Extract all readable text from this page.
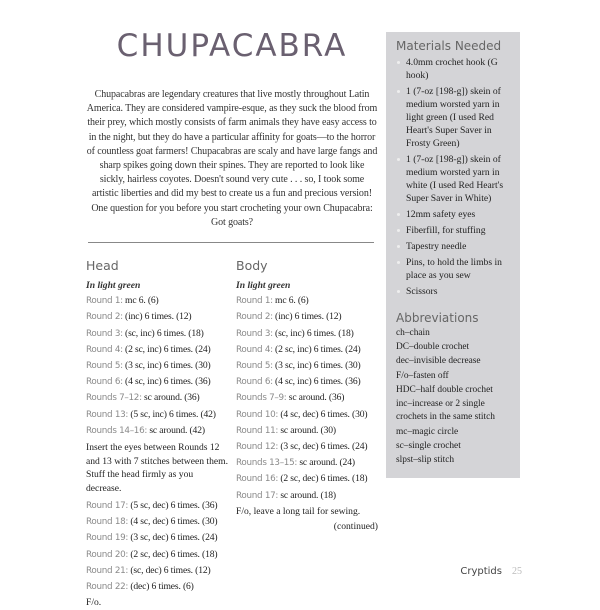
CHUPACABRA
Chupacabras are legendary creatures that live mostly throughout Latin America. They are considered vampire-esque, as they suck the blood from their prey, which mostly consists of farm animals they have easy access to in the night, but they do have a particular affinity for goats—to the horror of countless goat farmers! Chupacabras are scaly and have large fangs and sharp spikes going down their spines. They are reported to look like sickly, hairless coyotes. Doesn't sound very cute . . . so, I took some artistic liberties and did my best to create us a fun and precious version! One question for you before you start crocheting your own Chupacabra: Got goats?
Head
In light green
Round 1: mc 6. (6)
Round 2: (inc) 6 times. (12)
Round 3: (sc, inc) 6 times. (18)
Round 4: (2 sc, inc) 6 times. (24)
Round 5: (3 sc, inc) 6 times. (30)
Round 6: (4 sc, inc) 6 times. (36)
Rounds 7–12: sc around. (36)
Round 13: (5 sc, inc) 6 times. (42)
Rounds 14–16: sc around. (42)
Insert the eyes between Rounds 12 and 13 with 7 stitches between them. Stuff the head firmly as you decrease.
Round 17: (5 sc, dec) 6 times. (36)
Round 18: (4 sc, dec) 6 times. (30)
Round 19: (3 sc, dec) 6 times. (24)
Round 20: (2 sc, dec) 6 times. (18)
Round 21: (sc, dec) 6 times. (12)
Round 22: (dec) 6 times. (6)
F/o.
Body
In light green
Round 1: mc 6. (6)
Round 2: (inc) 6 times. (12)
Round 3: (sc, inc) 6 times. (18)
Round 4: (2 sc, inc) 6 times. (24)
Round 5: (3 sc, inc) 6 times. (30)
Round 6: (4 sc, inc) 6 times. (36)
Rounds 7–9: sc around. (36)
Round 10: (4 sc, dec) 6 times. (30)
Round 11: sc around. (30)
Round 12: (3 sc, dec) 6 times. (24)
Rounds 13–15: sc around. (24)
Round 16: (2 sc, dec) 6 times. (18)
Round 17: sc around. (18)
F/o, leave a long tail for sewing.
(continued)
Materials Needed
4.0mm crochet hook (G hook)
1 (7-oz [198-g]) skein of medium worsted yarn in light green (I used Red Heart's Super Saver in Frosty Green)
1 (7-oz [198-g]) skein of medium worsted yarn in white (I used Red Heart's Super Saver in White)
12mm safety eyes
Fiberfill, for stuffing
Tapestry needle
Pins, to hold the limbs in place as you sew
Scissors
Abbreviations
ch–chain
DC–double crochet
dec–invisible decrease
F/o–fasten off
HDC–half double crochet
inc–increase or 2 single crochets in the same stitch
mc–magic circle
sc–single crochet
slpst–slip stitch
Cryptids 25
